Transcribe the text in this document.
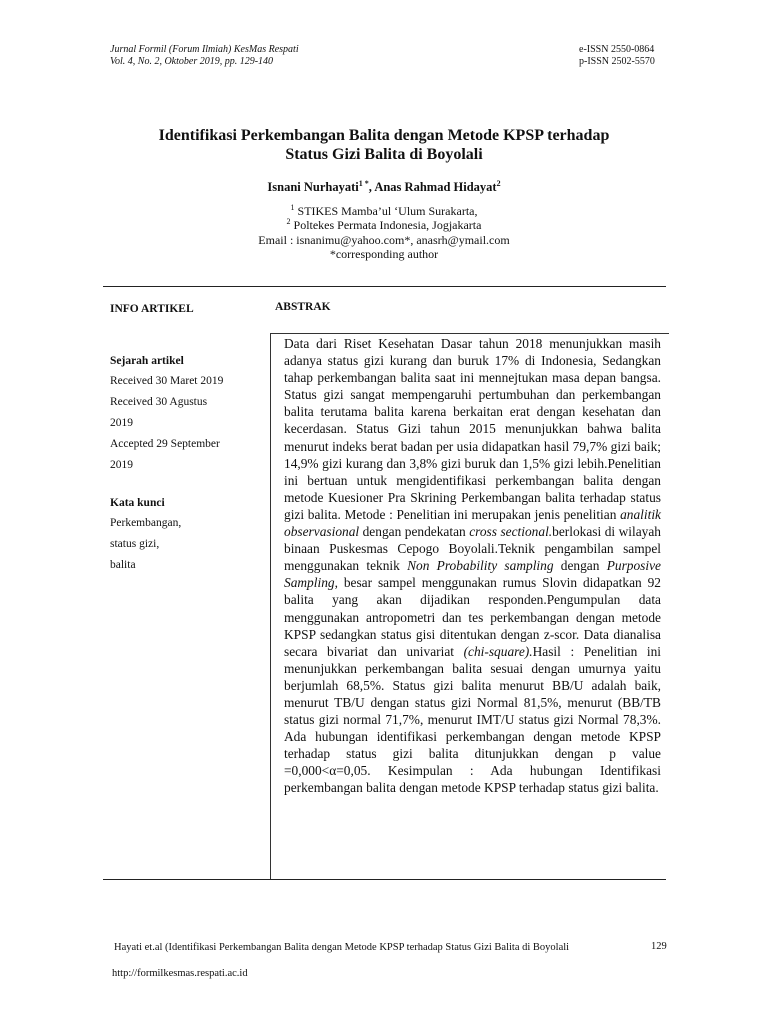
Jurnal Formil (Forum Ilmiah) KesMas Respati
Vol. 4, No. 2, Oktober 2019, pp. 129-140
e-ISSN 2550-0864
p-ISSN 2502-5570
Identifikasi Perkembangan Balita dengan Metode KPSP terhadap
Status Gizi Balita di Boyolali
Isnani Nurhayati$^{1 *}$, Anas Rahmad Hidayat$^2$
$^1$ STIKES Mamba’ul ‘Ulum Surakarta,
$^2$ Poltekes Permata Indonesia, Jogjakarta
Email : isnanimu@yahoo.com*, anasrh@ymail.com
*corresponding author
INFO ARTIKEL	ABSTRAK
Sejarah artikel
Received 30 Maret 2019
Received 30 Agustus
2019
Accepted 29 September
2019
Kata kunci
Perkembangan,
status gizi,
balita
Data dari Riset Kesehatan Dasar tahun 2018 menunjukkan masih adanya status gizi kurang dan buruk 17% di Indonesia, Sedangkan tahap perkembangan balita saat ini mennejtukan masa depan bangsa. Status gizi sangat mempengaruhi pertumbuhan dan perkembangan balita terutama balita karena berkaitan erat dengan kesehatan dan kecerdasan. Status Gizi tahun 2015 menunjukkan bahwa balita menurut indeks berat badan per usia didapatkan hasil 79,7% gizi baik; 14,9% gizi kurang dan 3,8% gizi buruk dan 1,5% gizi lebih.Penelitian ini bertuan untuk mengidentifikasi perkembangan balita dengan metode Kuesioner Pra Skrining Perkembangan balita terhadap status gizi balita. Metode : Penelitian ini merupakan jenis penelitian analitik observasional dengan pendekatan cross sectional.berlokasi di wilayah binaan Puskesmas Cepogo Boyolali.Teknik pengambilan sampel menggunakan teknik Non Probability sampling dengan Purposive Sampling, besar sampel menggunakan rumus Slovin didapatkan 92 balita yang akan dijadikan responden.Pengumpulan data menggunakan antropometri dan tes perkembangan dengan metode KPSP sedangkan status gisi ditentukan dengan z-scor. Data dianalisa secara bivariat dan univariat (chi-square).Hasil : Penelitian ini menunjukkan perkembangan balita sesuai dengan umurnya yaitu berjumlah 68,5%. Status gizi balita menurut BB/U adalah baik, menurut TB/U dengan status gizi Normal 81,5%, menurut (BB/TB status gizi normal 71,7%, menurut IMT/U status gizi Normal 78,3%. Ada hubungan identifikasi perkembangan dengan metode KPSP terhadap status gizi balita ditunjukkan dengan p value =0,000<α=0,05. Kesimpulan : Ada hubungan Identifikasi perkembangan balita dengan metode KPSP terhadap status gizi balita.
Hayati et.al (Identifikasi Perkembangan Balita dengan Metode KPSP terhadap Status Gizi Balita di Boyolali	129
http://formilkesmas.respati.ac.id
